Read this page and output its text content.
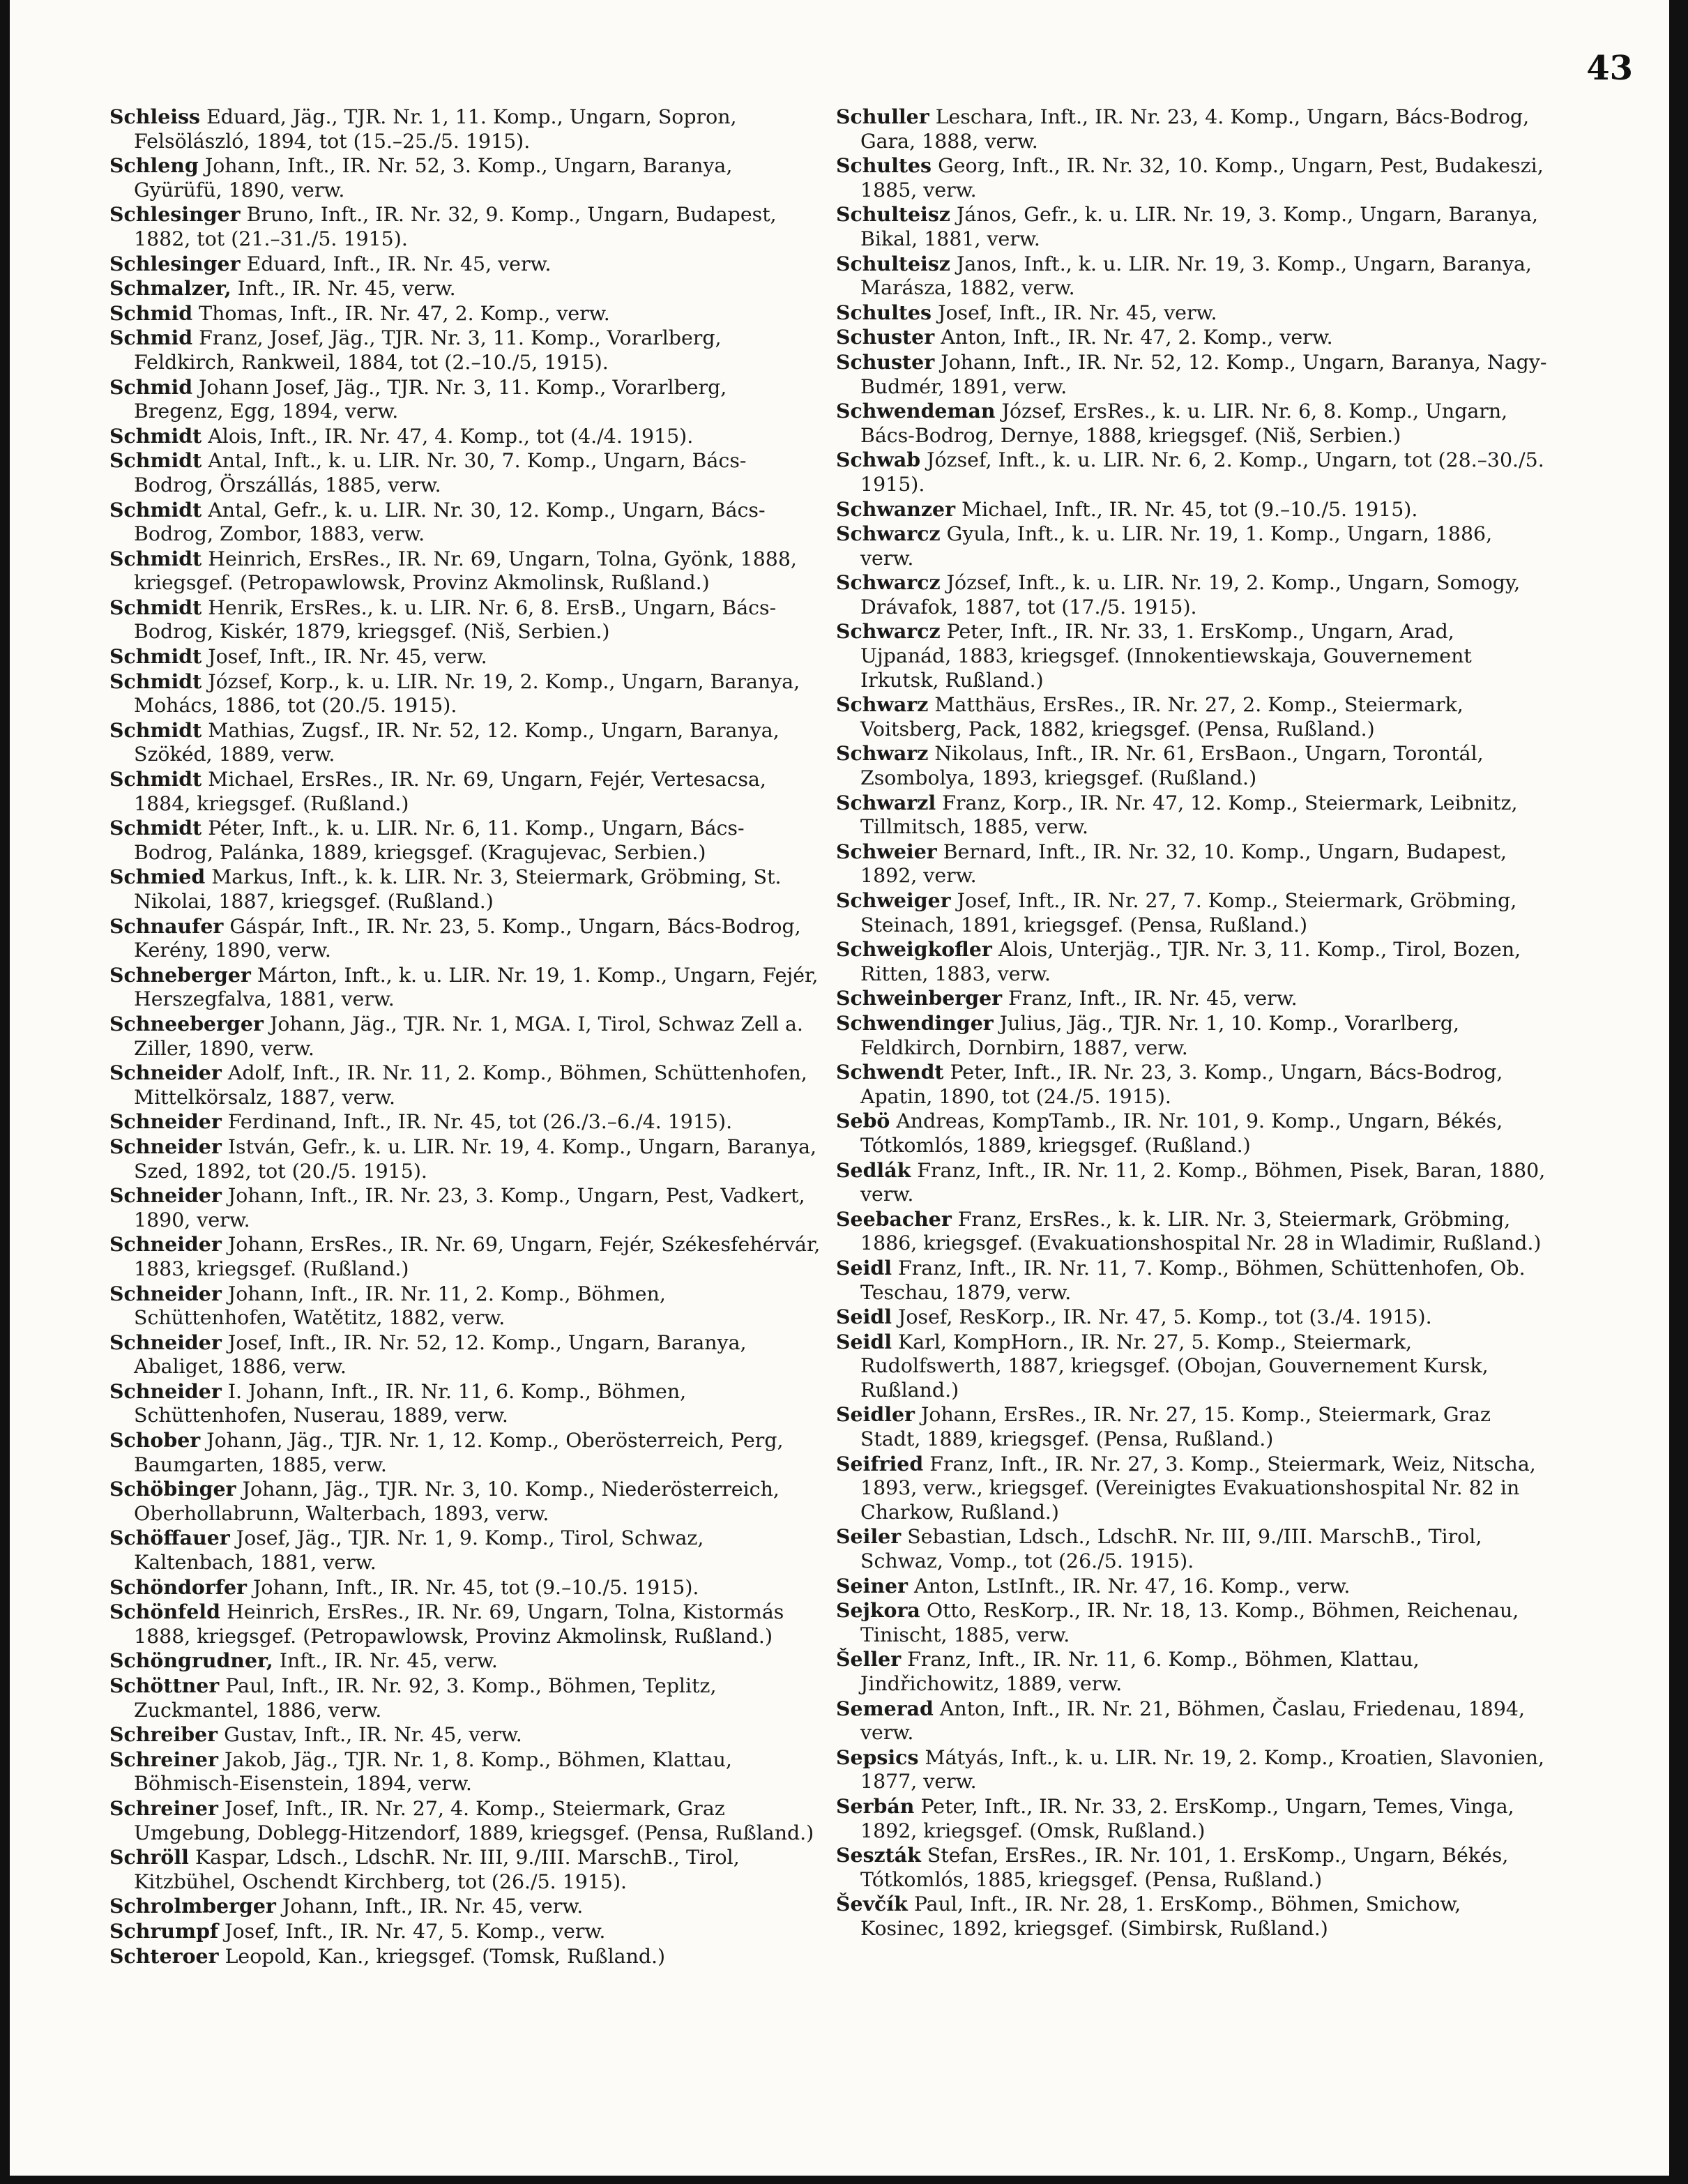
43

Schleiss Eduard, Jäg., TJR. Nr. 1, 11. Komp., Ungarn, Sopron, Felsölászló, 1894, tot (15.–25./5. 1915).

Schleng Johann, Inft., IR. Nr. 52, 3. Komp., Ungarn, Baranya, Gyürüfü, 1890, verw.

Schlesinger Bruno, Inft., IR. Nr. 32, 9. Komp., Ungarn, Budapest, 1882, tot (21.–31./5. 1915).

Schlesinger Eduard, Inft., IR. Nr. 45, verw.

Schmalzer, Inft., IR. Nr. 45, verw.

Schmid Thomas, Inft., IR. Nr. 47, 2. Komp., verw.

Schmid Franz, Josef, Jäg., TJR. Nr. 3, 11. Komp., Vorarlberg, Feldkirch, Rankweil, 1884, tot (2.–10./5, 1915).

Schmid Johann Josef, Jäg., TJR. Nr. 3, 11. Komp., Vorarlberg, Bregenz, Egg, 1894, verw.

Schmidt Alois, Inft., IR. Nr. 47, 4. Komp., tot (4./4. 1915).

Schmidt Antal, Inft., k. u. LIR. Nr. 30, 7. Komp., Ungarn, Bács-Bodrog, Örszállás, 1885, verw.

Schmidt Antal, Gefr., k. u. LIR. Nr. 30, 12. Komp., Ungarn, Bács-Bodrog, Zombor, 1883, verw.

Schmidt Heinrich, ErsRes., IR. Nr. 69, Ungarn, Tolna, Gyönk, 1888, kriegsgef. (Petropawlowsk, Provinz Akmolinsk, Rußland.)

Schmidt Henrik, ErsRes., k. u. LIR. Nr. 6, 8. ErsB., Ungarn, Bács-Bodrog, Kiskér, 1879, kriegsgef. (Niš, Serbien.)

Schmidt Josef, Inft., IR. Nr. 45, verw.

Schmidt József, Korp., k. u. LIR. Nr. 19, 2. Komp., Ungarn, Baranya, Mohács, 1886, tot (20./5. 1915).

Schmidt Mathias, Zugsf., IR. Nr. 52, 12. Komp., Ungarn, Baranya, Szökéd, 1889, verw.

Schmidt Michael, ErsRes., IR. Nr. 69, Ungarn, Fejér, Vertesacsa, 1884, kriegsgef. (Rußland.)

Schmidt Péter, Inft., k. u. LIR. Nr. 6, 11. Komp., Ungarn, Bács-Bodrog, Palánka, 1889, kriegsgef. (Kragujevac, Serbien.)

Schmied Markus, Inft., k. k. LIR. Nr. 3, Steiermark, Gröbming, St. Nikolai, 1887, kriegsgef. (Rußland.)

Schnaufer Gáspár, Inft., IR. Nr. 23, 5. Komp., Ungarn, Bács-Bodrog, Kerény, 1890, verw.

Schneberger Márton, Inft., k. u. LIR. Nr. 19, 1. Komp., Ungarn, Fejér, Herszegfalva, 1881, verw.

Schneeberger Johann, Jäg., TJR. Nr. 1, MGA. I, Tirol, Schwaz Zell a. Ziller, 1890, verw.

Schneider Adolf, Inft., IR. Nr. 11, 2. Komp., Böhmen, Schüttenhofen, Mittelkörsalz, 1887, verw.

Schneider Ferdinand, Inft., IR. Nr. 45, tot (26./3.–6./4. 1915).

Schneider István, Gefr., k. u. LIR. Nr. 19, 4. Komp., Ungarn, Baranya, Szed, 1892, tot (20./5. 1915).

Schneider Johann, Inft., IR. Nr. 23, 3. Komp., Ungarn, Pest, Vadkert, 1890, verw.

Schneider Johann, ErsRes., IR. Nr. 69, Ungarn, Fejér, Székesfehérvár, 1883, kriegsgef. (Rußland.)

Schneider Johann, Inft., IR. Nr. 11, 2. Komp., Böhmen, Schüttenhofen, Watětitz, 1882, verw.

Schneider Josef, Inft., IR. Nr. 52, 12. Komp., Ungarn, Baranya, Abaliget, 1886, verw.

Schneider I. Johann, Inft., IR. Nr. 11, 6. Komp., Böhmen, Schüttenhofen, Nuserau, 1889, verw.

Schober Johann, Jäg., TJR. Nr. 1, 12. Komp., Oberösterreich, Perg, Baumgarten, 1885, verw.

Schöbinger Johann, Jäg., TJR. Nr. 3, 10. Komp., Niederösterreich, Oberhollabrunn, Walterbach, 1893, verw.

Schöffauer Josef, Jäg., TJR. Nr. 1, 9. Komp., Tirol, Schwaz, Kaltenbach, 1881, verw.

Schöndorfer Johann, Inft., IR. Nr. 45, tot (9.–10./5. 1915).

Schönfeld Heinrich, ErsRes., IR. Nr. 69, Ungarn, Tolna, Kistormás 1888, kriegsgef. (Petropawlowsk, Provinz Akmolinsk, Rußland.)

Schöngrudner, Inft., IR. Nr. 45, verw.

Schöttner Paul, Inft., IR. Nr. 92, 3. Komp., Böhmen, Teplitz, Zuckmantel, 1886, verw.

Schreiber Gustav, Inft., IR. Nr. 45, verw.

Schreiner Jakob, Jäg., TJR. Nr. 1, 8. Komp., Böhmen, Klattau, Böhmisch-Eisenstein, 1894, verw.

Schreiner Josef, Inft., IR. Nr. 27, 4. Komp., Steiermark, Graz Umgebung, Doblegg-Hitzendorf, 1889, kriegsgef. (Pensa, Rußland.)

Schröll Kaspar, Ldsch., LdschR. Nr. III, 9./III. MarschB., Tirol, Kitzbühel, Oschendt Kirchberg, tot (26./5. 1915).

Schrolmberger Johann, Inft., IR. Nr. 45, verw.

Schrumpf Josef, Inft., IR. Nr. 47, 5. Komp., verw.

Schteroer Leopold, Kan., kriegsgef. (Tomsk, Rußland.)

Schuller Leschara, Inft., IR. Nr. 23, 4. Komp., Ungarn, Bács-Bodrog, Gara, 1888, verw.

Schultes Georg, Inft., IR. Nr. 32, 10. Komp., Ungarn, Pest, Budakeszi, 1885, verw.

Schulteisz János, Gefr., k. u. LIR. Nr. 19, 3. Komp., Ungarn, Baranya, Bikal, 1881, verw.

Schulteisz Janos, Inft., k. u. LIR. Nr. 19, 3. Komp., Ungarn, Baranya, Marásza, 1882, verw.

Schultes Josef, Inft., IR. Nr. 45, verw.

Schuster Anton, Inft., IR. Nr. 47, 2. Komp., verw.

Schuster Johann, Inft., IR. Nr. 52, 12. Komp., Ungarn, Baranya, Nagy-Budmér, 1891, verw.

Schwendeman József, ErsRes., k. u. LIR. Nr. 6, 8. Komp., Ungarn, Bács-Bodrog, Dernye, 1888, kriegsgef. (Niš, Serbien.)

Schwab József, Inft., k. u. LIR. Nr. 6, 2. Komp., Ungarn, tot (28.–30./5. 1915).

Schwanzer Michael, Inft., IR. Nr. 45, tot (9.–10./5. 1915).

Schwarcz Gyula, Inft., k. u. LIR. Nr. 19, 1. Komp., Ungarn, 1886, verw.

Schwarcz József, Inft., k. u. LIR. Nr. 19, 2. Komp., Ungarn, Somogy, Drávafok, 1887, tot (17./5. 1915).

Schwarcz Peter, Inft., IR. Nr. 33, 1. ErsKomp., Ungarn, Arad, Ujpanád, 1883, kriegsgef. (Innokentiewskaja, Gouvernement Irkutsk, Rußland.)

Schwarz Matthäus, ErsRes., IR. Nr. 27, 2. Komp., Steiermark, Voitsberg, Pack, 1882, kriegsgef. (Pensa, Rußland.)

Schwarz Nikolaus, Inft., IR. Nr. 61, ErsBaon., Ungarn, Torontál, Zsombolya, 1893, kriegsgef. (Rußland.)

Schwarzl Franz, Korp., IR. Nr. 47, 12. Komp., Steiermark, Leibnitz, Tillmitsch, 1885, verw.

Schweier Bernard, Inft., IR. Nr. 32, 10. Komp., Ungarn, Budapest, 1892, verw.

Schweiger Josef, Inft., IR. Nr. 27, 7. Komp., Steiermark, Gröbming, Steinach, 1891, kriegsgef. (Pensa, Rußland.)

Schweigkofler Alois, Unterjäg., TJR. Nr. 3, 11. Komp., Tirol, Bozen, Ritten, 1883, verw.

Schweinberger Franz, Inft., IR. Nr. 45, verw.

Schwendinger Julius, Jäg., TJR. Nr. 1, 10. Komp., Vorarlberg, Feldkirch, Dornbirn, 1887, verw.

Schwendt Peter, Inft., IR. Nr. 23, 3. Komp., Ungarn, Bács-Bodrog, Apatin, 1890, tot (24./5. 1915).

Sebö Andreas, KompTamb., IR. Nr. 101, 9. Komp., Ungarn, Békés, Tótkomlós, 1889, kriegsgef. (Rußland.)

Sedlák Franz, Inft., IR. Nr. 11, 2. Komp., Böhmen, Pisek, Baran, 1880, verw.

Seebacher Franz, ErsRes., k. k. LIR. Nr. 3, Steiermark, Gröbming, 1886, kriegsgef. (Evakuationshospital Nr. 28 in Wladimir, Rußland.)

Seidl Franz, Inft., IR. Nr. 11, 7. Komp., Böhmen, Schüttenhofen, Ob. Teschau, 1879, verw.

Seidl Josef, ResKorp., IR. Nr. 47, 5. Komp., tot (3./4. 1915).

Seidl Karl, KompHorn., IR. Nr. 27, 5. Komp., Steiermark, Rudolfswerth, 1887, kriegsgef. (Obojan, Gouvernement Kursk, Rußland.)

Seidler Johann, ErsRes., IR. Nr. 27, 15. Komp., Steiermark, Graz Stadt, 1889, kriegsgef. (Pensa, Rußland.)

Seifried Franz, Inft., IR. Nr. 27, 3. Komp., Steiermark, Weiz, Nitscha, 1893, verw., kriegsgef. (Vereinigtes Evakuationshospital Nr. 82 in Charkow, Rußland.)

Seiler Sebastian, Ldsch., LdschR. Nr. III, 9./III. MarschB., Tirol, Schwaz, Vomp., tot (26./5. 1915).

Seiner Anton, LstInft., IR. Nr. 47, 16. Komp., verw.

Sejkora Otto, ResKorp., IR. Nr. 18, 13. Komp., Böhmen, Reichenau, Tinischt, 1885, verw.

Šeller Franz, Inft., IR. Nr. 11, 6. Komp., Böhmen, Klattau, Jindřichowitz, 1889, verw.

Semerad Anton, Inft., IR. Nr. 21, Böhmen, Časlau, Friedenau, 1894, verw.

Sepsics Mátyás, Inft., k. u. LIR. Nr. 19, 2. Komp., Kroatien, Slavonien, 1877, verw.

Serbán Peter, Inft., IR. Nr. 33, 2. ErsKomp., Ungarn, Temes, Vinga, 1892, kriegsgef. (Omsk, Rußland.)

Seszták Stefan, ErsRes., IR. Nr. 101, 1. ErsKomp., Ungarn, Békés, Tótkomlós, 1885, kriegsgef. (Pensa, Rußland.)

Ševčík Paul, Inft., IR. Nr. 28, 1. ErsKomp., Böhmen, Smichow, Kosinec, 1892, kriegsgef. (Simbirsk, Rußland.)
